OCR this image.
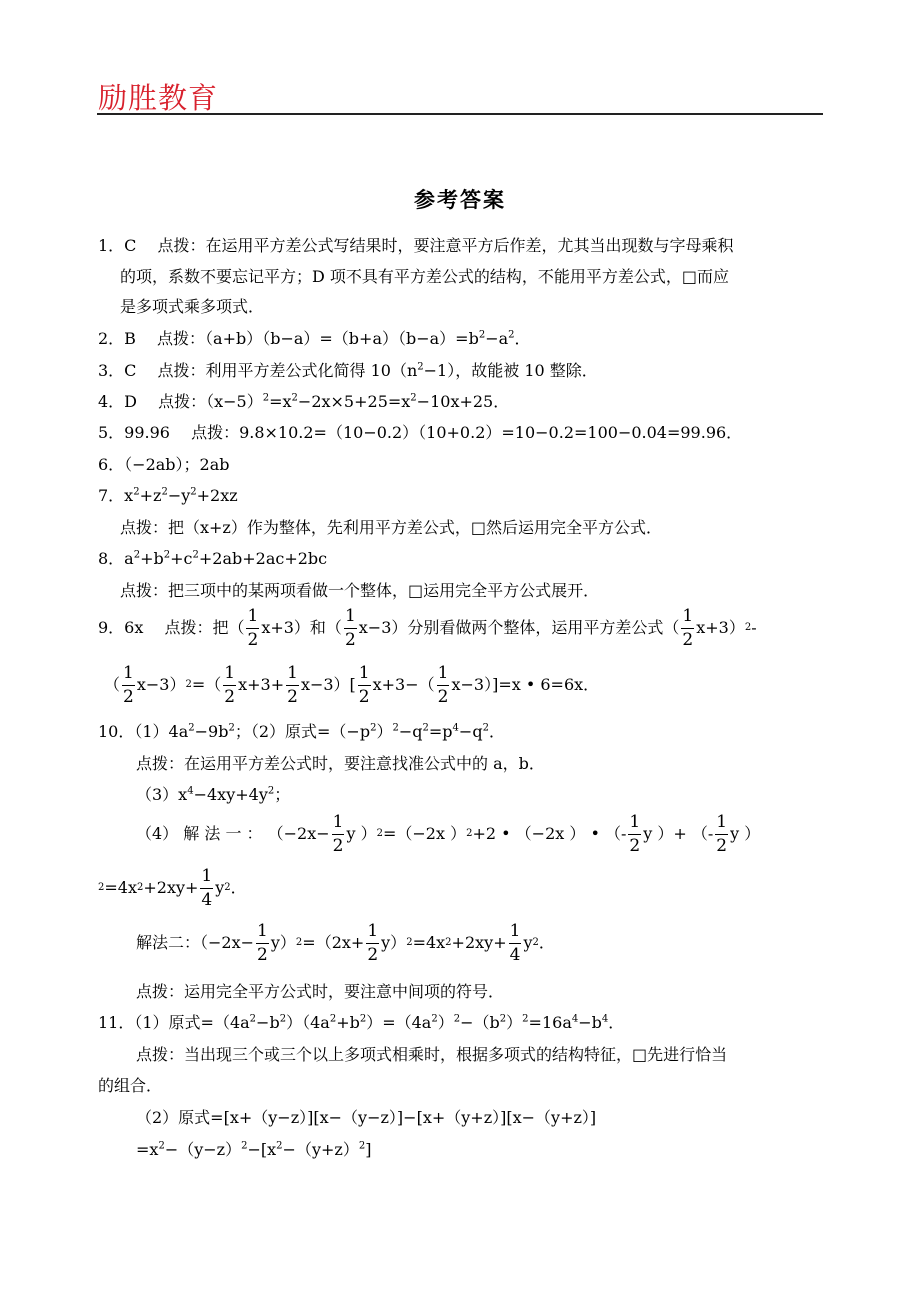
励胜教育
参考答案
1．C　 点拨：在运用平方差公式写结果时，要注意平方后作差，尤其当出现数与字母乘积
的项，系数不要忘记平方；D 项不具有平方差公式的结构，不能用平方差公式，□而应
是多项式乘多项式．
2．B　 点拨：$(a+b)(b-a)=(b+a)(b-a)=b^2-a^2$．
3．C　 点拨：利用平方差公式化简得 $10(n^2-1)$，故能被 10 整除．
4．D　 点拨：$(x-5)^2=x^2-2x\times 5+25=x^2-10x+25$．
5．99.96　 点拨：9.8×10.2=（10−0.2）（10+0.2）=10−0.2=100−0.04=99.96．
6．（−2ab）；2ab
7．$x^2+z^2-y^2+2xz$
点拨：把（x+z）作为整体，先利用平方差公式，□然后运用完全平方公式．
8．$a^2+b^2+c^2+2ab+2ac+2bc$
点拨：把三项中的某两项看做一个整体，□运用完全平方公式展开．
9．6x　 点拨：把（ $\frac{1}{2} x+3$）和（ $\frac{1}{2} x-3$）分别看做两个整体，运用平方差公式（ $\frac{1}{2} x+3$） 2 -
（ $\frac{1}{2} x-3$） 2 =（ $\frac{1}{2} x+3+ \frac{1}{2} x-3)[ \frac{1}{2} x+3-( \frac{1}{2} x-3)]=x$ • 6=6x．
10．$(1)4a^2-9b^2$；（2）原式$=(-p^2)^2-q^2=p^4-q^2$．
点拨：在运用平方差公式时，要注意找准公式中的 a，b．
$(3)x^4-4xy+4y^2$；
（4） 解 法 一 ： （$-2x- \frac{1}{2}$ y ） 2 =（−2x ） 2 +2 • （−2x ） • （- $\frac{1}{2}$ y ）+ （- $\frac{1}{2}$ y ）
2 =4x $2 +2xy+ \frac{1}{4}$ y 2 ．
解法二：$(-2x- \frac{1}{2} y)$ $2 =(2x+ \frac{1}{2} y)$ 2 =4x $2 +2xy+ \frac{1}{4}$ y 2 ．
点拨：运用完全平方公式时，要注意中间项的符号．
11．（1）原式$=(4a^2-b^2)(4a^2+b^2)=(4a^2)^2-(b^2)^2=16a^4-b^4$．
点拨：当出现三个或三个以上多项式相乘时，根据多项式的结构特征，□先进行恰当
的组合．
（2）原式=[x+（y−z）][x−（y−z）]−[x+（y+z）][x−（y+z）]
$=x^2-(y-z)^2-[x^2-(y+z)^2]$
